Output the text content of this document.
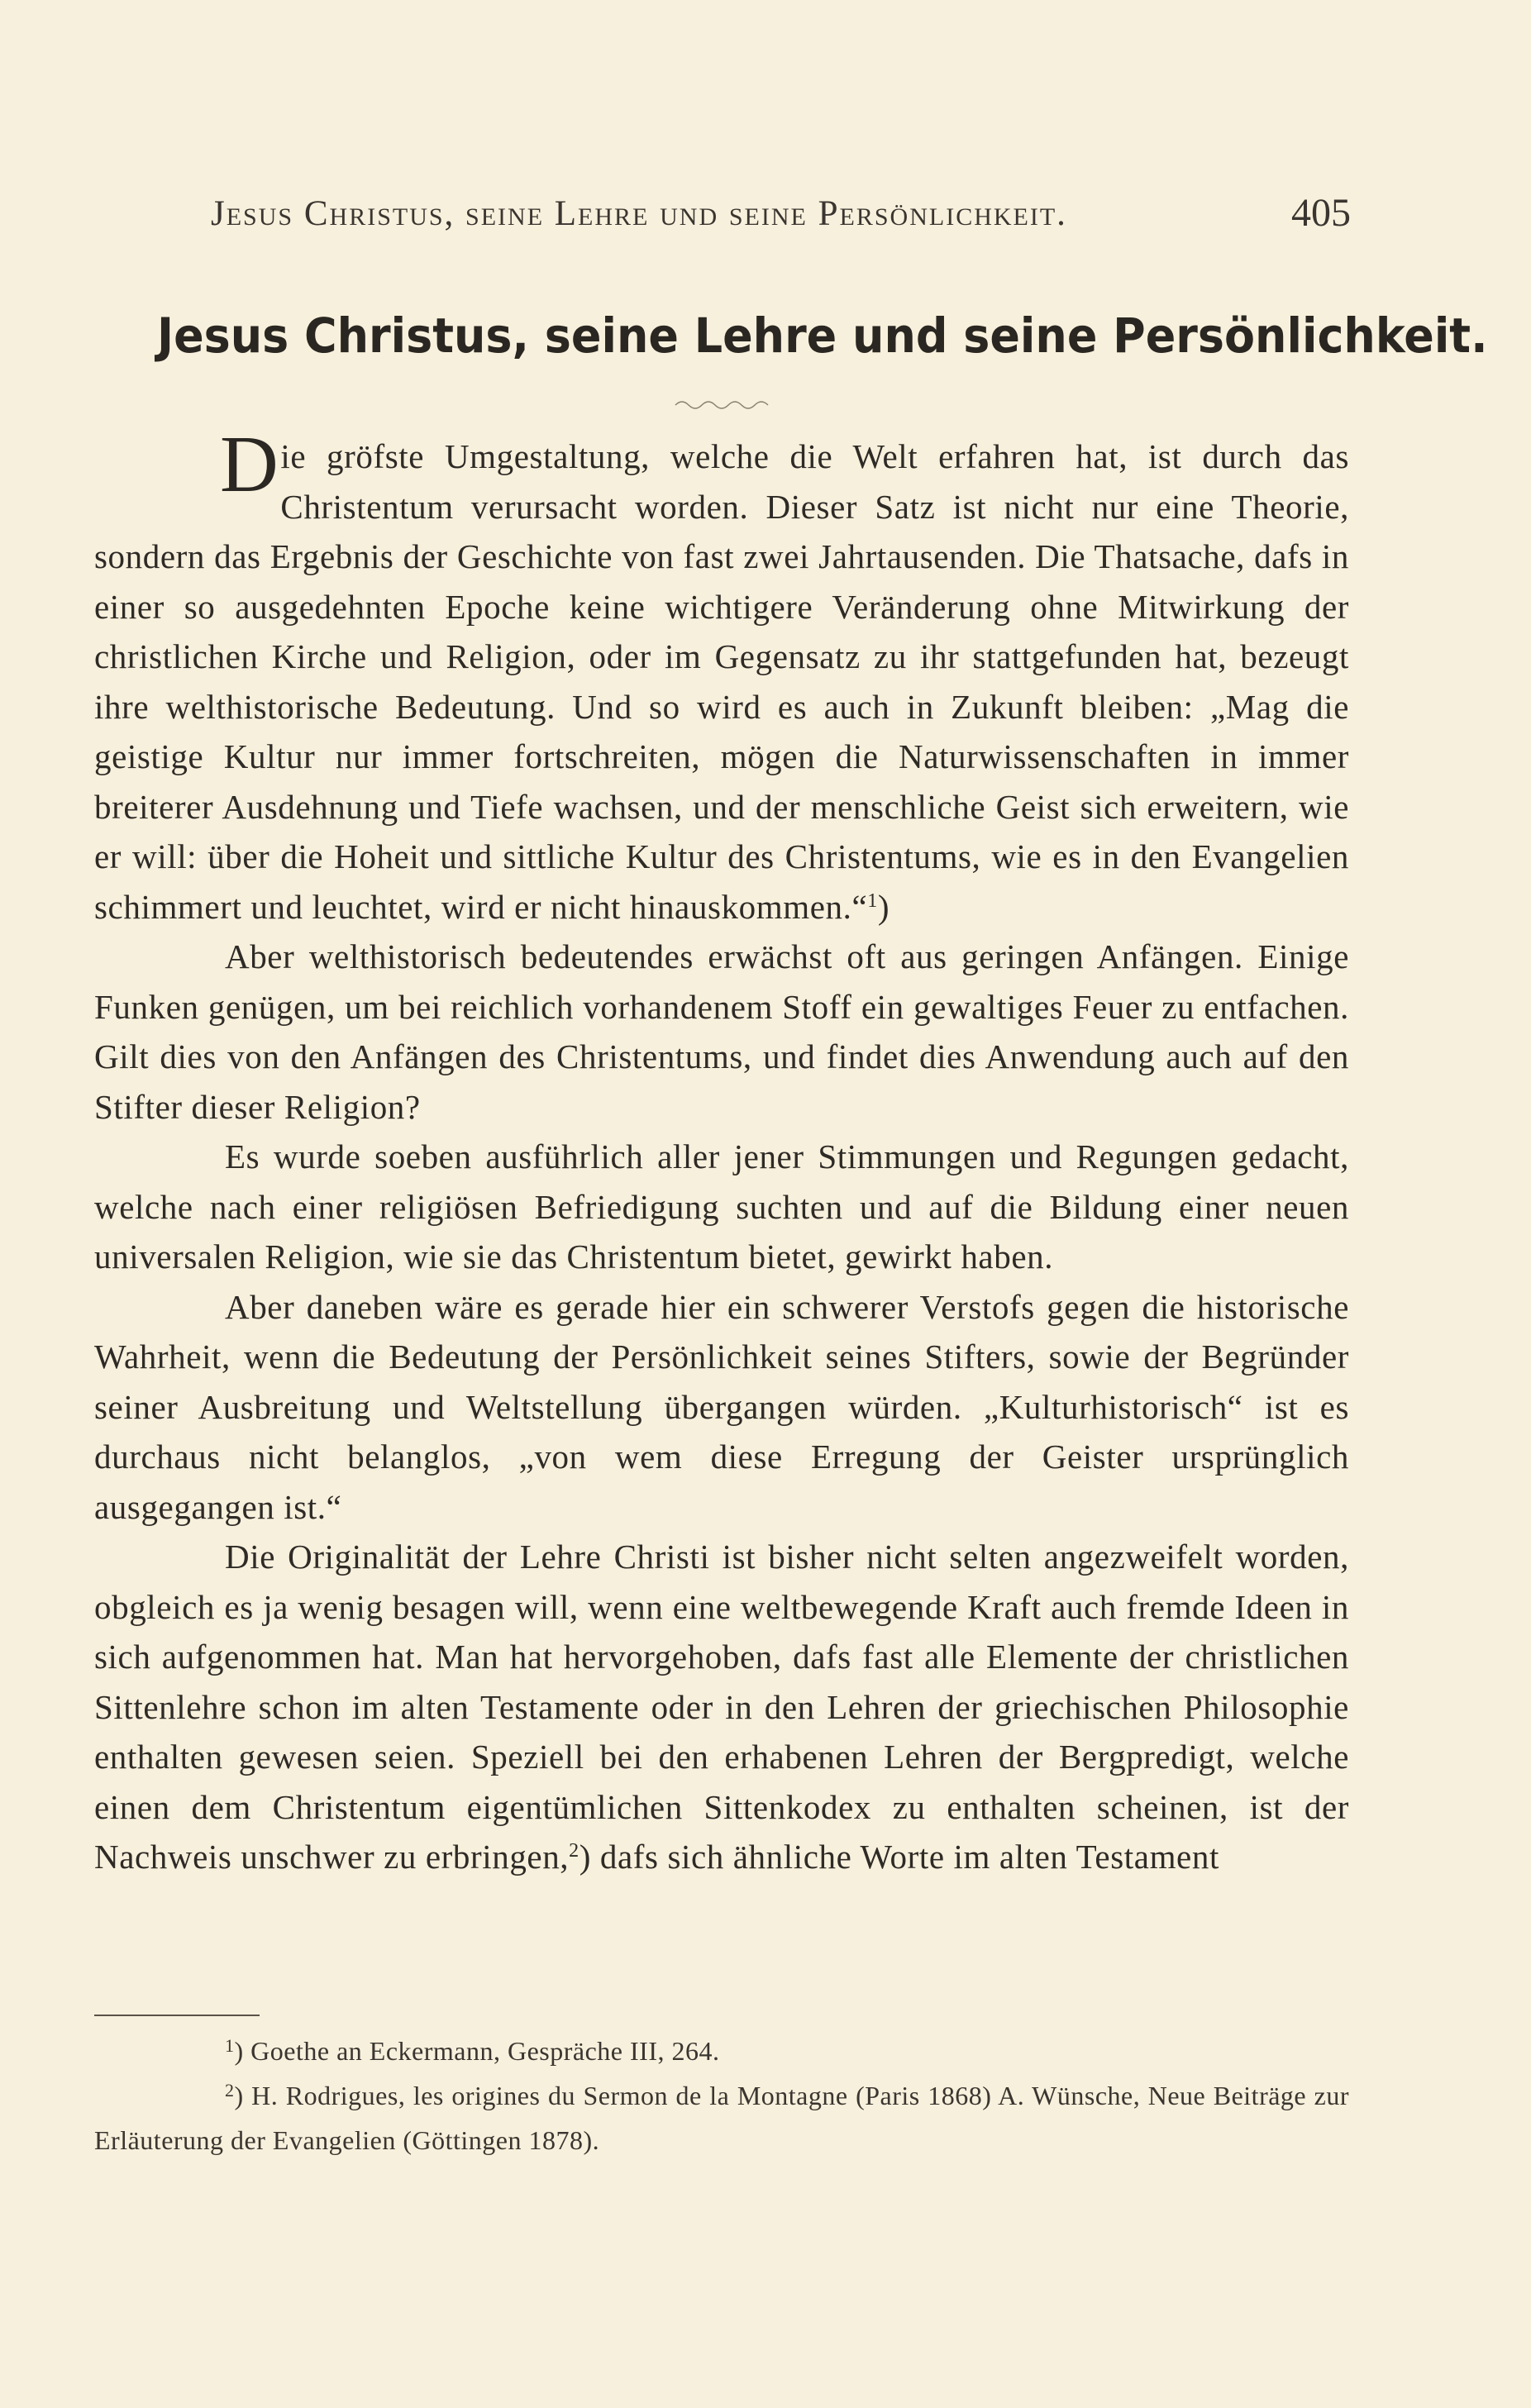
Jesus Christus, seine Lehre und seine Persönlichkeit.	405
Jesus Christus, seine Lehre und seine Persönlichkeit.

Die gröfste Umgestaltung, welche die Welt erfahren hat, ist durch das Christentum verursacht worden. Dieser Satz ist nicht nur eine Theorie, sondern das Ergebnis der Geschichte von fast zwei Jahrtausenden. Die Thatsache, dafs in einer so ausgedehnten Epoche keine wichtigere Veränderung ohne Mitwirkung der christlichen Kirche und Religion, oder im Gegensatz zu ihr stattgefunden hat, bezeugt ihre welthistorische Bedeutung. Und so wird es auch in Zukunft bleiben: „Mag die geistige Kultur nur immer fortschreiten, mögen die Naturwissenschaften in immer breiterer Ausdehnung und Tiefe wachsen, und der menschliche Geist sich erweitern, wie er will: über die Hoheit und sittliche Kultur des Christentums, wie es in den Evangelien schimmert und leuchtet, wird er nicht hinauskommen.“$^1$)

Aber welthistorisch bedeutendes erwächst oft aus geringen Anfängen. Einige Funken genügen, um bei reichlich vorhandenem Stoff ein gewaltiges Feuer zu entfachen. Gilt dies von den Anfängen des Christentums, und findet dies Anwendung auch auf den Stifter dieser Religion?

Es wurde soeben ausführlich aller jener Stimmungen und Regungen gedacht, welche nach einer religiösen Befriedigung suchten und auf die Bildung einer neuen universalen Religion, wie sie das Christentum bietet, gewirkt haben.

Aber daneben wäre es gerade hier ein schwerer Verstofs gegen die historische Wahrheit, wenn die Bedeutung der Persönlichkeit seines Stifters, sowie der Begründer seiner Ausbreitung und Weltstellung übergangen würden. „Kulturhistorisch“ ist es durchaus nicht belanglos, „von wem diese Erregung der Geister ursprünglich ausgegangen ist.“

Die Originalität der Lehre Christi ist bisher nicht selten angezweifelt worden, obgleich es ja wenig besagen will, wenn eine weltbewegende Kraft auch fremde Ideen in sich aufgenommen hat. Man hat hervorgehoben, dafs fast alle Elemente der christlichen Sittenlehre schon im alten Testamente oder in den Lehren der griechischen Philosophie enthalten gewesen seien. Speziell bei den erhabenen Lehren der Bergpredigt, welche einen dem Christentum eigentümlichen Sittenkodex zu enthalten scheinen, ist der Nachweis unschwer zu erbringen,$^2$) dafs sich ähnliche Worte im alten Testament

$^1$) Goethe an Eckermann, Gespräche III, 264.

$^2$) H. Rodrigues, les origines du Sermon de la Montagne (Paris 1868) A. Wünsche, Neue Beiträge zur Erläuterung der Evangelien (Göttingen 1878).
